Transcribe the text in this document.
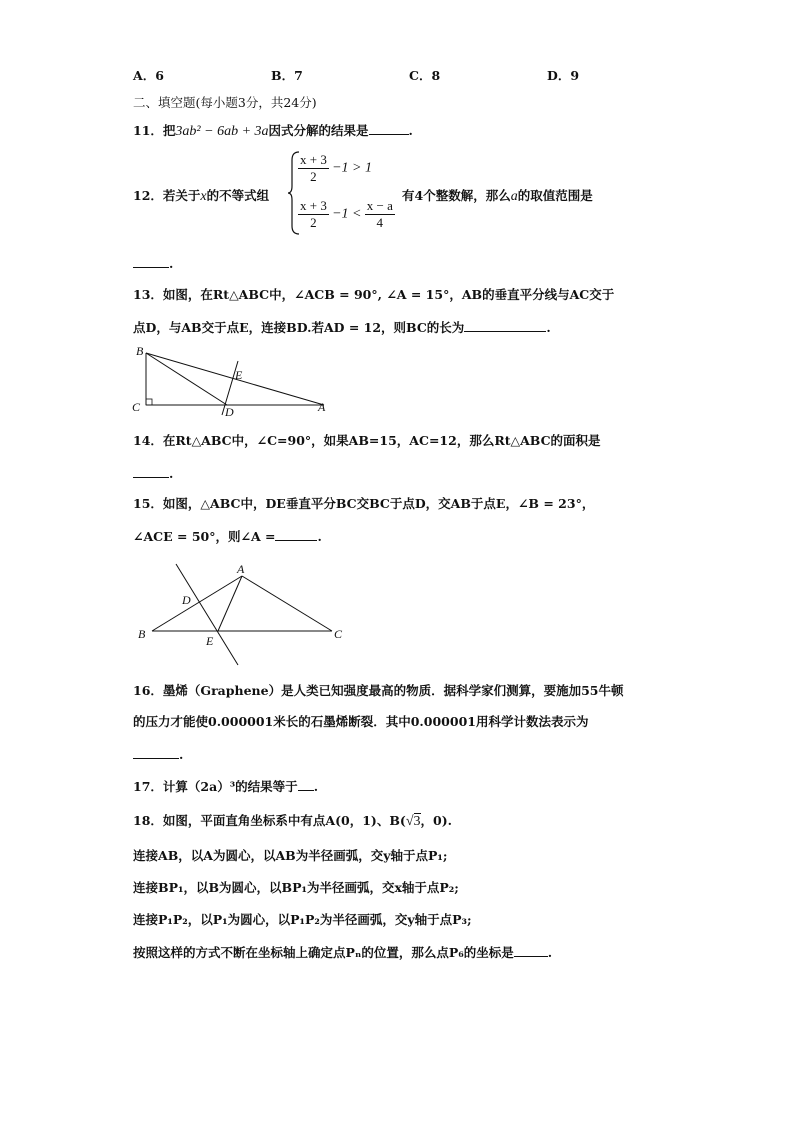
A．6	B．7	C．8	D．9
二、填空题(每小题3分，共24分)
11．把3ab² − 6ab + 3a因式分解的结果是	.
12．若关于x的不等式组
$\frac{x + 3}{2} -1 > 1$
$\frac{x + 3}{2} -1 < \frac{x - a}{4}$
有4个整数解，那么a的取值范围是
.
13．如图，在Rt△ABC中，∠ACB = 90°, ∠A = 15°，AB的垂直平分线与AC交于
点D，与AB交于点E，连接BD.若AD = 12，则BC的长为	.
B
C	D
E
A
14．在Rt△ABC中，∠C=90°，如果AB=15，AC=12，那么Rt△ABC的面积是
.
15．如图，△ABC中，DE垂直平分BC交BC于点D，交AB于点E，∠B = 23°，
∠ACE = 50°，则∠A =	.
A
D
B	E	C
16．墨烯（Graphene）是人类已知强度最高的物质．据科学家们测算，要施加55牛顿
的压力才能使0.000001米长的石墨烯断裂．其中0.000001用科学计数法表示为
.
17．计算（2a）³的结果等于 .
18．如图，平面直角坐标系中有点A(0，1)、B(√3，0).
连接AB，以A为圆心，以AB为半径画弧，交y轴于点P₁;
连接BP₁，以B为圆心，以BP₁为半径画弧，交x轴于点P₂;
连接P₁P₂，以P₁为圆心，以P₁P₂为半径画弧，交y轴于点P₃;
按照这样的方式不断在坐标轴上确定点Pₙ的位置，那么点P₆的坐标是	.
